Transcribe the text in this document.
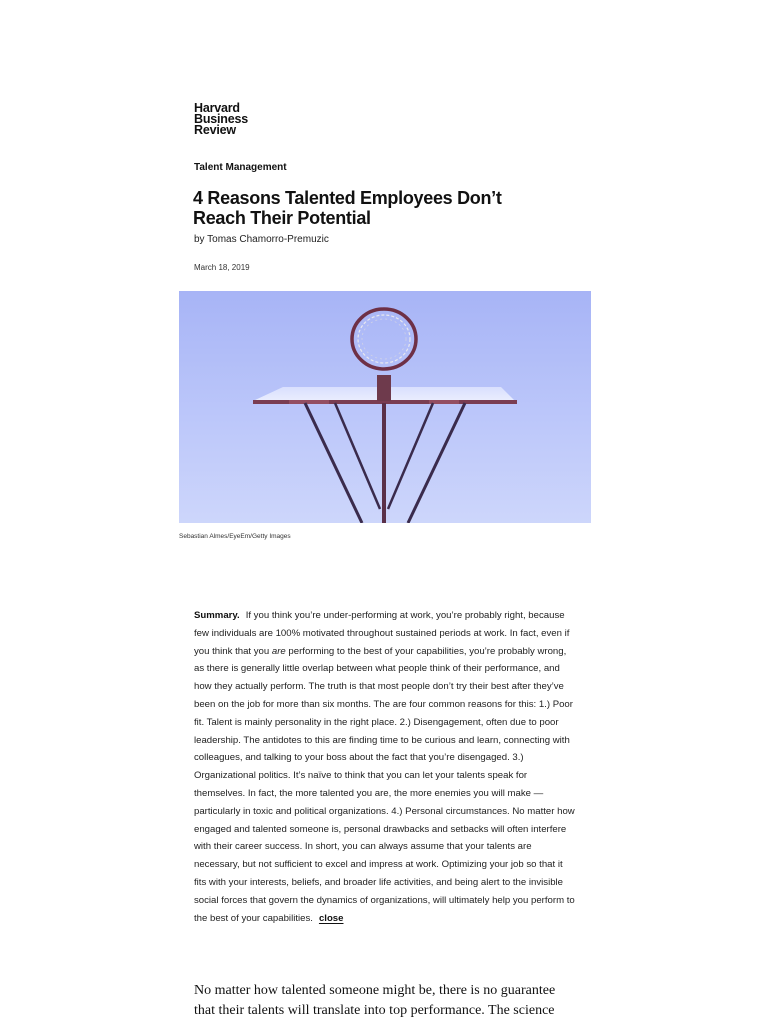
Harvard
Business
Review
Talent Management
4 Reasons Talented Employees Don’t Reach Their Potential
by Tomas Chamorro-Premuzic
March 18, 2019
Sebastian Almes/EyeEm/Getty Images

Summary. If you think you’re under-performing at work, you’re probably right, because few individuals are 100% motivated throughout sustained periods at work. In fact, even if you think that you are performing to the best of your capabilities, you’re probably wrong, as there is generally little overlap between what people think of their performance, and how they actually perform. The truth is that most people don’t try their best after they’ve been on the job for more than six months. The are four common reasons for this: 1.) Poor fit. Talent is mainly personality in the right place. 2.) Disengagement, often due to poor leadership. The antidotes to this are finding time to be curious and learn, connecting with colleagues, and talking to your boss about the fact that you’re disengaged. 3.) Organizational politics. It’s naïve to think that you can let your talents speak for themselves. In fact, the more talented you are, the more enemies you will make — particularly in toxic and political organizations. 4.) Personal circumstances. No matter how engaged and talented someone is, personal drawbacks and setbacks will often interfere with their career success. In short, you can always assume that your talents are necessary, but not sufficient to excel and impress at work. Optimizing your job so that it fits with your interests, beliefs, and broader life activities, and being alert to the invisible social forces that govern the dynamics of organizations, will ultimately help you perform to the best of your capabilities. close

No matter how talented someone might be, there is no guarantee that their talents will translate into top performance. The science
